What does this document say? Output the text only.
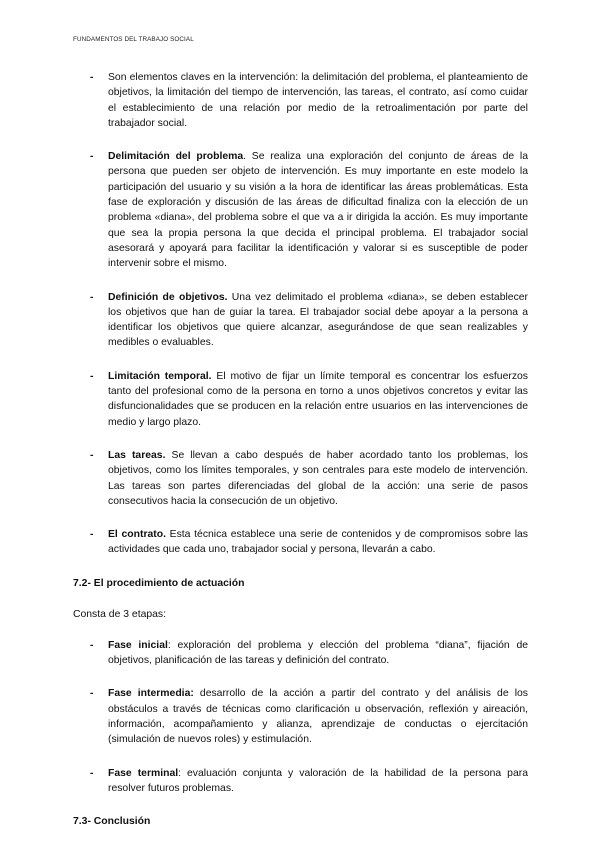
FUNDAMENTOS DEL TRABAJO SOCIAL
- Son elementos claves en la intervención: la delimitación del problema, el planteamiento de objetivos, la limitación del tiempo de intervención, las tareas, el contrato, así como cuidar el establecimiento de una relación por medio de la retroalimentación por parte del trabajador social.
- Delimitación del problema. Se realiza una exploración del conjunto de áreas de la persona que pueden ser objeto de intervención. Es muy importante en este modelo la participación del usuario y su visión a la hora de identificar las áreas problemáticas. Esta fase de exploración y discusión de las áreas de dificultad finaliza con la elección de un problema «diana», del problema sobre el que va a ir dirigida la acción. Es muy importante que sea la propia persona la que decida el principal problema. El trabajador social asesorará y apoyará para facilitar la identificación y valorar si es susceptible de poder intervenir sobre el mismo.
- Definición de objetivos. Una vez delimitado el problema «diana», se deben establecer los objetivos que han de guiar la tarea. El trabajador social debe apoyar a la persona a identificar los objetivos que quiere alcanzar, asegurándose de que sean realizables y medibles o evaluables.
- Limitación temporal. El motivo de fijar un límite temporal es concentrar los esfuerzos tanto del profesional como de la persona en torno a unos objetivos concretos y evitar las disfuncionalidades que se producen en la relación entre usuarios en las intervenciones de medio y largo plazo.
- Las tareas. Se llevan a cabo después de haber acordado tanto los problemas, los objetivos, como los límites temporales, y son centrales para este modelo de intervención. Las tareas son partes diferenciadas del global de la acción: una serie de pasos consecutivos hacia la consecución de un objetivo.
- El contrato. Esta técnica establece una serie de contenidos y de compromisos sobre las actividades que cada uno, trabajador social y persona, llevarán a cabo.
7.2- El procedimiento de actuación
Consta de 3 etapas:
- Fase inicial: exploración del problema y elección del problema “diana”, fijación de objetivos, planificación de las tareas y definición del contrato.
- Fase intermedia: desarrollo de la acción a partir del contrato y del análisis de los obstáculos a través de técnicas como clarificación u observación, reflexión y aireación, información, acompañamiento y alianza, aprendizaje de conductas o ejercitación (simulación de nuevos roles) y estimulación.
- Fase terminal: evaluación conjunta y valoración de la habilidad de la persona para resolver futuros problemas.
7.3- Conclusión
